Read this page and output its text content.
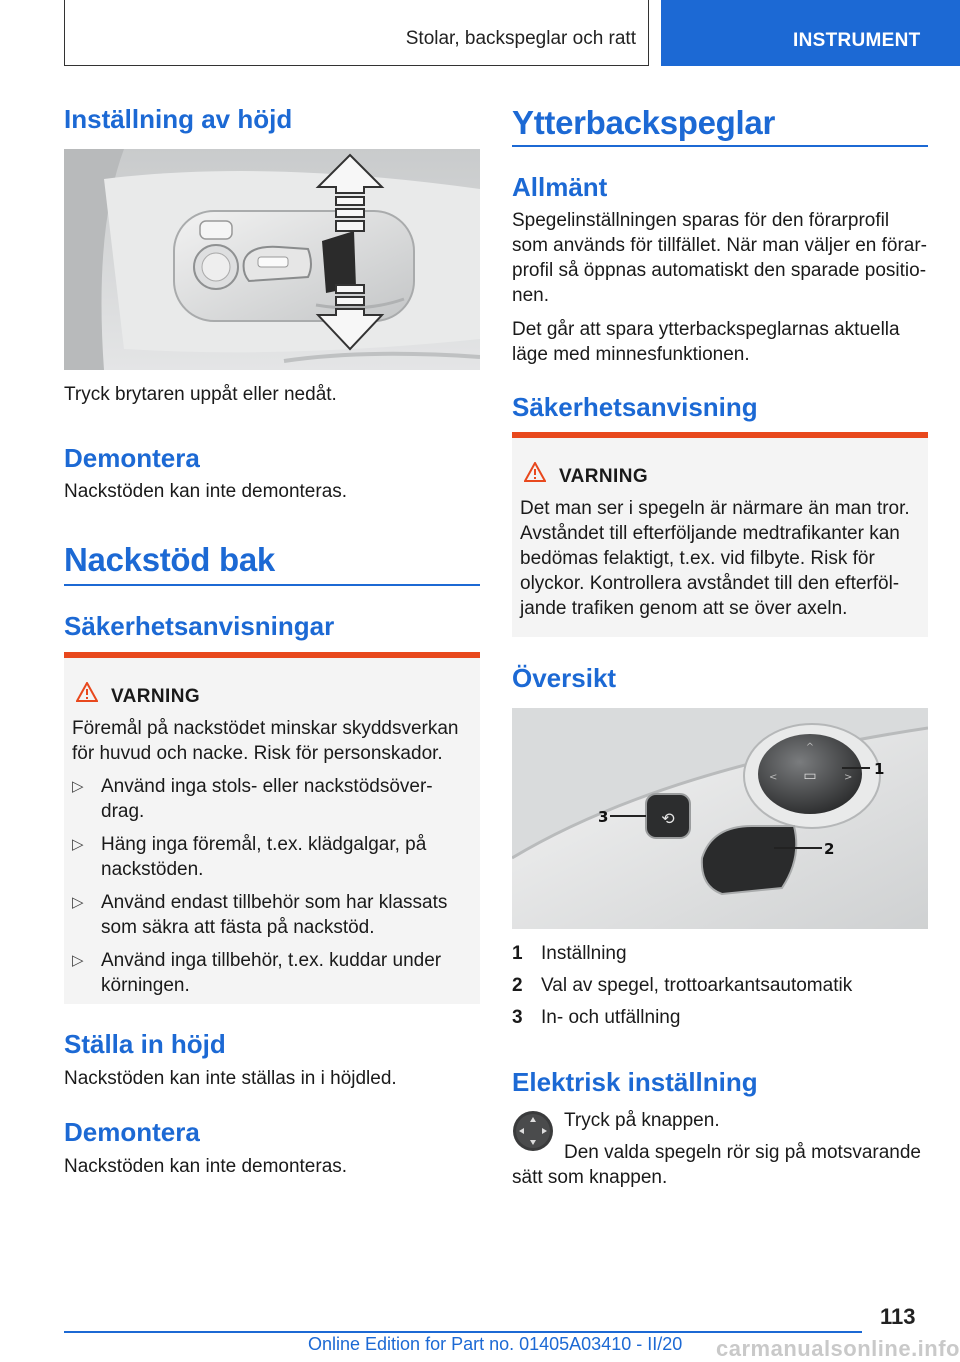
Stolar, backspeglar och ratt	INSTRUMENT
Inställning av höjd
Tryck brytaren uppåt eller nedåt.
Demontera
Nackstöden kan inte demonteras.
Nackstöd bak
Säkerhetsanvisningar
VARNING
Föremål på nackstödet minskar skyddsverkan
för huvud och nacke. Risk för personskador.
▷ Använd inga stols- eller nackstödsöver-
drag.
▷ Häng inga föremål, t.ex. klädgalgar, på
nackstöden.
▷ Använd endast tillbehör som har klassats
som säkra att fästa på nackstöd.
▷ Använd inga tillbehör, t.ex. kuddar under
körningen.
Ställa in höjd
Nackstöden kan inte ställas in i höjdled.
Demontera
Nackstöden kan inte demonteras.
Ytterbackspeglar
Allmänt
Spegelinställningen sparas för den förarprofil
som används för tillfället. När man väljer en förar-
profil så öppnas automatiskt den sparade positio-
nen.
Det går att spara ytterbackspeglarnas aktuella
läge med minnesfunktionen.
Säkerhetsanvisning
VARNING
Det man ser i spegeln är närmare än man tror.
Avståndet till efterföljande medtrafikanter kan
bedömas felaktigt, t.ex. vid filbyte. Risk för
olyckor. Kontrollera avståndet till den efterföl-
jande trafiken genom att se över axeln.
Översikt
▭
^
<	>
⟲
1
2
3
1 Inställning
2 Val av spegel, trottoarkantsautomatik
3 In- och utfällning
Elektrisk inställning
Tryck på knappen.
Den valda spegeln rör sig på motsvarande
sätt som knappen.
113
Online Edition for Part no. 01405A03410 - II/20 carmanualsonline.info
